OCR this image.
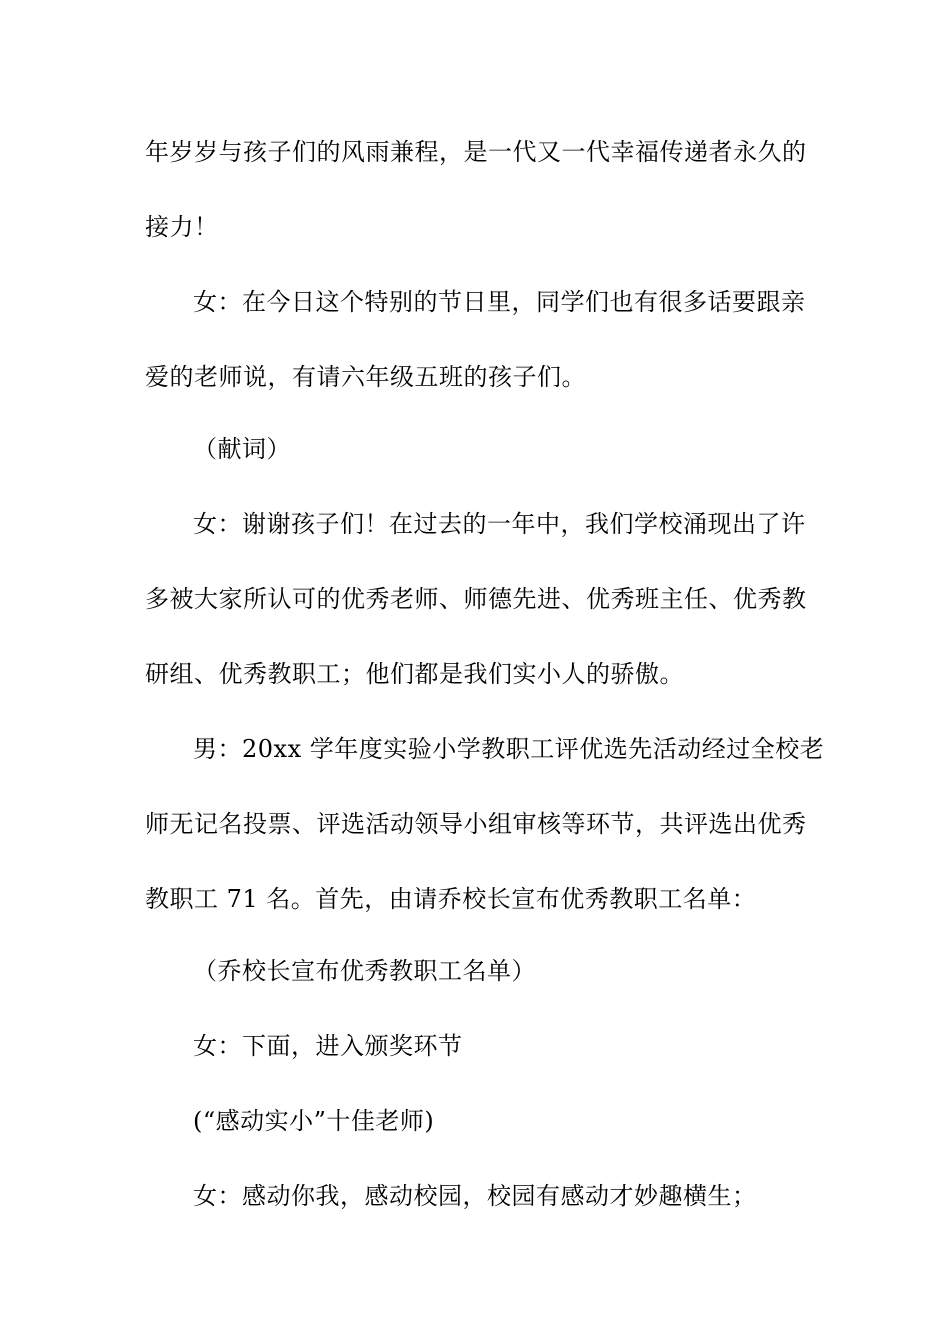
年岁岁与孩子们的风雨兼程，是一代又一代幸福传递者永久的
接力！
女：在今日这个特别的节日里，同学们也有很多话要跟亲
爱的老师说，有请六年级五班的孩子们。
（献词）
女：谢谢孩子们！在过去的一年中，我们学校涌现出了许
多被大家所认可的优秀老师、师德先进、优秀班主任、优秀教
研组、优秀教职工；他们都是我们实小人的骄傲。
男：20xx 学年度实验小学教职工评优选先活动经过全校老
师无记名投票、评选活动领导小组审核等环节，共评选出优秀
教职工 71 名。首先，由请乔校长宣布优秀教职工名单：
（乔校长宣布优秀教职工名单）
女：下面，进入颁奖环节
(“感动实小”十佳老师)
女：感动你我，感动校园，校园有感动才妙趣横生；
